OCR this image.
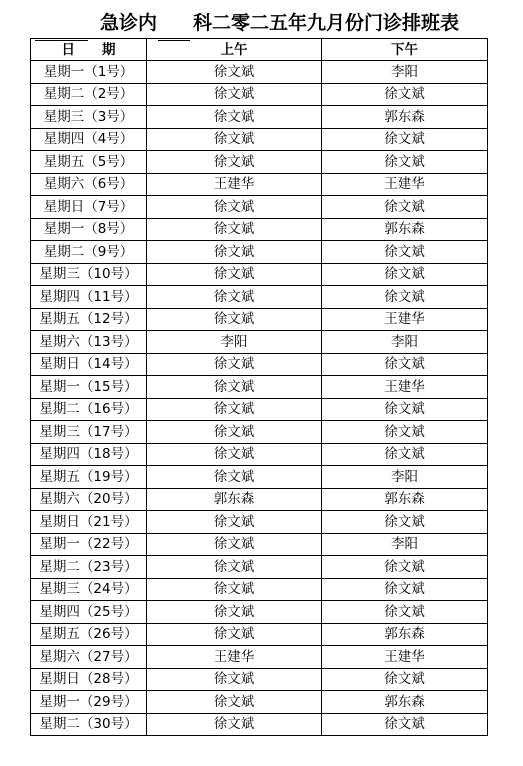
急诊内 科二零二五年九月份门诊排班表
日　　期	上午	下午
星期一（1号）	徐文斌	李阳
星期二（2号）	徐文斌	徐文斌
星期三（3号）	徐文斌	郭东森
星期四（4号）	徐文斌	徐文斌
星期五（5号）	徐文斌	徐文斌
星期六（6号）	王建华	王建华
星期日（7号）	徐文斌	徐文斌
星期一（8号）	徐文斌	郭东森
星期二（9号）	徐文斌	徐文斌
星期三（10号）	徐文斌	徐文斌
星期四（11号）	徐文斌	徐文斌
星期五（12号）	徐文斌	王建华
星期六（13号）	李阳	李阳
星期日（14号）	徐文斌	徐文斌
星期一（15号）	徐文斌	王建华
星期二（16号）	徐文斌	徐文斌
星期三（17号）	徐文斌	徐文斌
星期四（18号）	徐文斌	徐文斌
星期五（19号）	徐文斌	李阳
星期六（20号）	郭东森	郭东森
星期日（21号）	徐文斌	徐文斌
星期一（22号）	徐文斌	李阳
星期二（23号）	徐文斌	徐文斌
星期三（24号）	徐文斌	徐文斌
星期四（25号）	徐文斌	徐文斌
星期五（26号）	徐文斌	郭东森
星期六（27号）	王建华	王建华
星期日（28号）	徐文斌	徐文斌
星期一（29号）	徐文斌	郭东森
星期二（30号）	徐文斌	徐文斌
